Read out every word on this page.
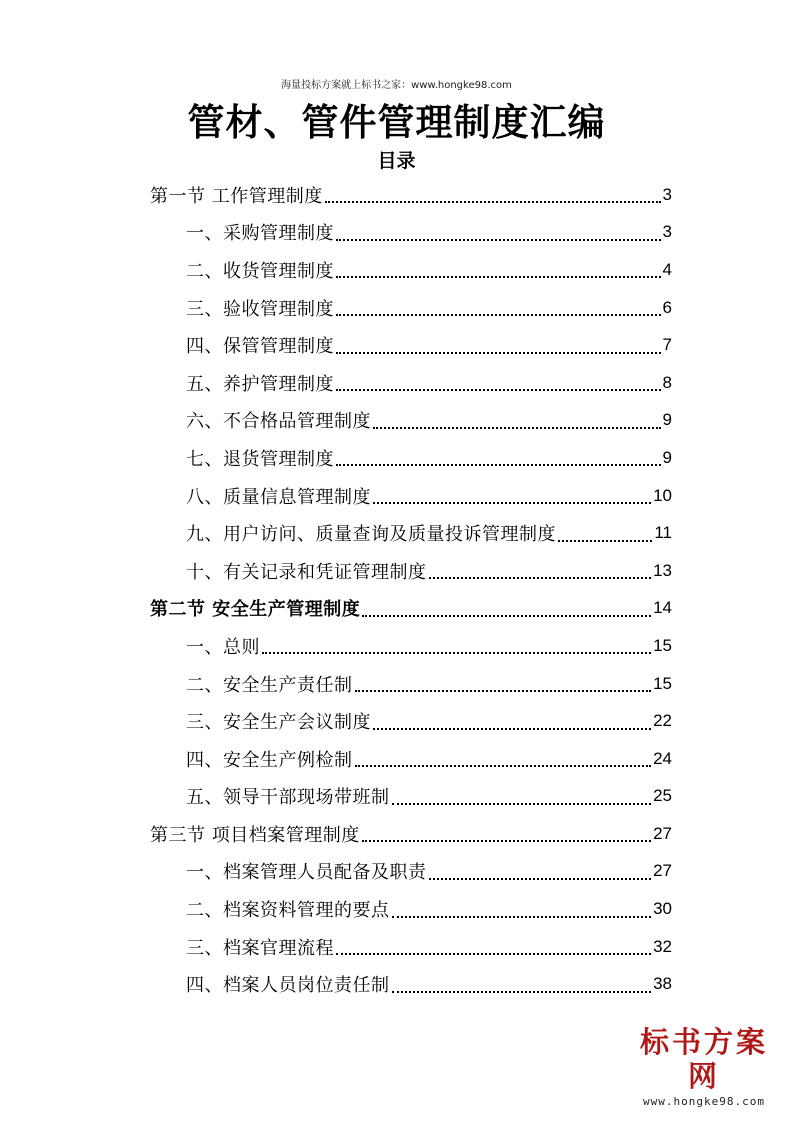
海量投标方案就上标书之家：www.hongke98.com
管材、管件管理制度汇编
目录
第一节 工作管理制度	3
一、采购管理制度	3
二、收货管理制度	4
三、验收管理制度	6
四、保管管理制度	7
五、养护管理制度	8
六、不合格品管理制度	9
七、退货管理制度	9
八、质量信息管理制度	10
九、用户访问、质量查询及质量投诉管理制度	11
十、有关记录和凭证管理制度	13
第二节 安全生产管理制度	14
一、总则	15
二、安全生产责任制	15
三、安全生产会议制度	22
四、安全生产例检制	24
五、领导干部现场带班制	25
第三节 项目档案管理制度	27
一、档案管理人员配备及职责	27
二、档案资料管理的要点	30
三、档案官理流程	32
四、档案人员岗位责任制	38
标书方案网
www.hongke98.com
